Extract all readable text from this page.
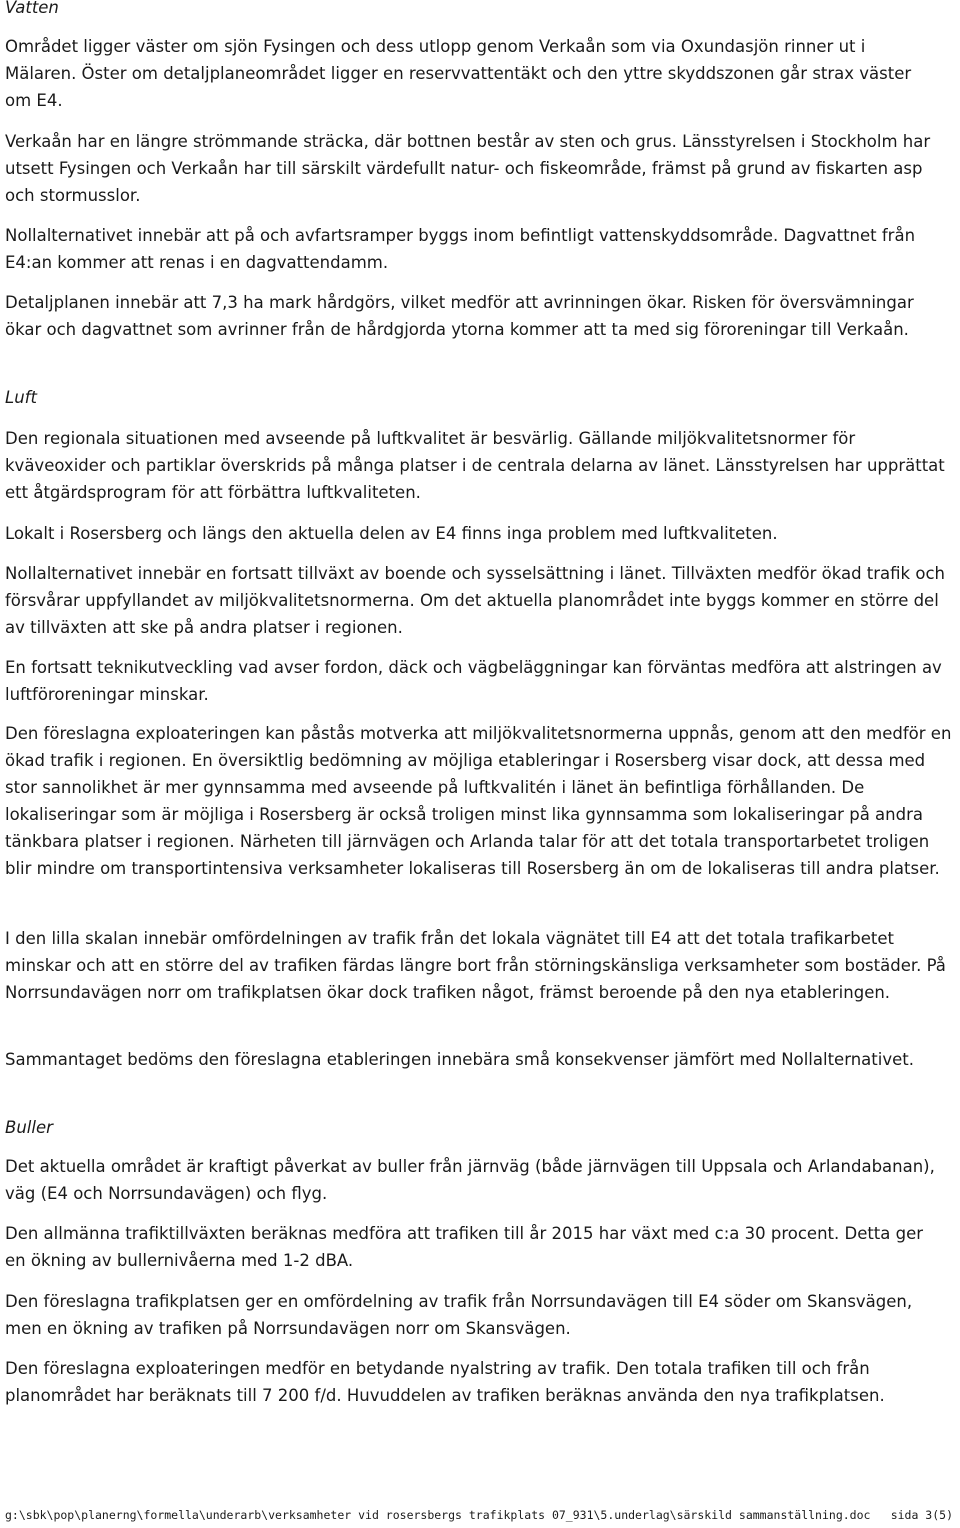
Vatten

Området ligger väster om sjön Fysingen och dess utlopp genom Verkaån som via Oxundasjön rinner ut i Mälaren. Öster om detaljplaneområdet ligger en reservvattentäkt och den yttre skyddszonen går strax väster om E4.

Verkaån har en längre strömmande sträcka, där bottnen består av sten och grus. Länsstyrelsen i Stockholm har utsett Fysingen och Verkaån har till särskilt värdefullt natur- och fiskeområde, främst på grund av fiskarten asp och stormusslor.

Nollalternativet innebär att på och avfartsramper byggs inom befintligt vattenskyddsområde. Dagvattnet från E4:an kommer att renas i en dagvattendamm.

Detaljplanen innebär att 7,3 ha mark hårdgörs, vilket medför att avrinningen ökar. Risken för översvämningar ökar och dagvattnet som avrinner från de hårdgjorda ytorna kommer att ta med sig föroreningar till Verkaån.

Luft

Den regionala situationen med avseende på luftkvalitet är besvärlig. Gällande miljökvalitetsnormer för kväveoxider och partiklar överskrids på många platser i de centrala delarna av länet. Länsstyrelsen har upprättat ett åtgärdsprogram för att förbättra luftkvaliteten.

Lokalt i Rosersberg och längs den aktuella delen av E4 finns inga problem med luftkvaliteten.

Nollalternativet innebär en fortsatt tillväxt av boende och sysselsättning i länet. Tillväxten medför ökad trafik och försvårar uppfyllandet av miljökvalitetsnormerna. Om det aktuella planområdet inte byggs kommer en större del av tillväxten att ske på andra platser i regionen.

En fortsatt teknikutveckling vad avser fordon, däck och vägbeläggningar kan förväntas medföra att alstringen av luftföroreningar minskar.

Den föreslagna exploateringen kan påstås motverka att miljökvalitetsnormerna uppnås, genom att den medför en ökad trafik i regionen. En översiktlig bedömning av möjliga etableringar i Rosersberg visar dock, att dessa med stor sannolikhet är mer gynnsamma med avseende på luftkvalitén i länet än befintliga förhållanden. De lokaliseringar som är möjliga i Rosersberg är också troligen minst lika gynnsamma som lokaliseringar på andra tänkbara platser i regionen. Närheten till järnvägen och Arlanda talar för att det totala transportarbetet troligen blir mindre om transportintensiva verksamheter lokaliseras till Rosersberg än om de lokaliseras till andra platser.

I den lilla skalan innebär omfördelningen av trafik från det lokala vägnätet till E4 att det totala trafikarbetet minskar och att en större del av trafiken färdas längre bort från störningskänsliga verksamheter som bostäder. På Norrsundavägen norr om trafikplatsen ökar dock trafiken något, främst beroende på den nya etableringen.

Sammantaget bedöms den föreslagna etableringen innebära små konsekvenser jämfört med Nollalternativet.

Buller

Det aktuella området är kraftigt påverkat av buller från järnväg (både järnvägen till Uppsala och Arlandabanan), väg (E4 och Norrsundavägen) och flyg.

Den allmänna trafiktillväxten beräknas medföra att trafiken till år 2015 har växt med c:a 30 procent. Detta ger en ökning av bullernivåerna med 1-2 dBA.

Den föreslagna trafikplatsen ger en omfördelning av trafik från Norrsundavägen till E4 söder om Skansvägen, men en ökning av trafiken på Norrsundavägen norr om Skansvägen.

Den föreslagna exploateringen medför en betydande nyalstring av trafik. Den totala trafiken till och från planområdet har beräknats till 7 200 f/d. Huvuddelen av trafiken beräknas använda den nya trafikplatsen.

g:\sbk\pop\planerng\formella\underarb\verksamheter vid rosersbergs trafikplats 07_931\5.underlag\särskild sammanställning.doc sida 3(5)
